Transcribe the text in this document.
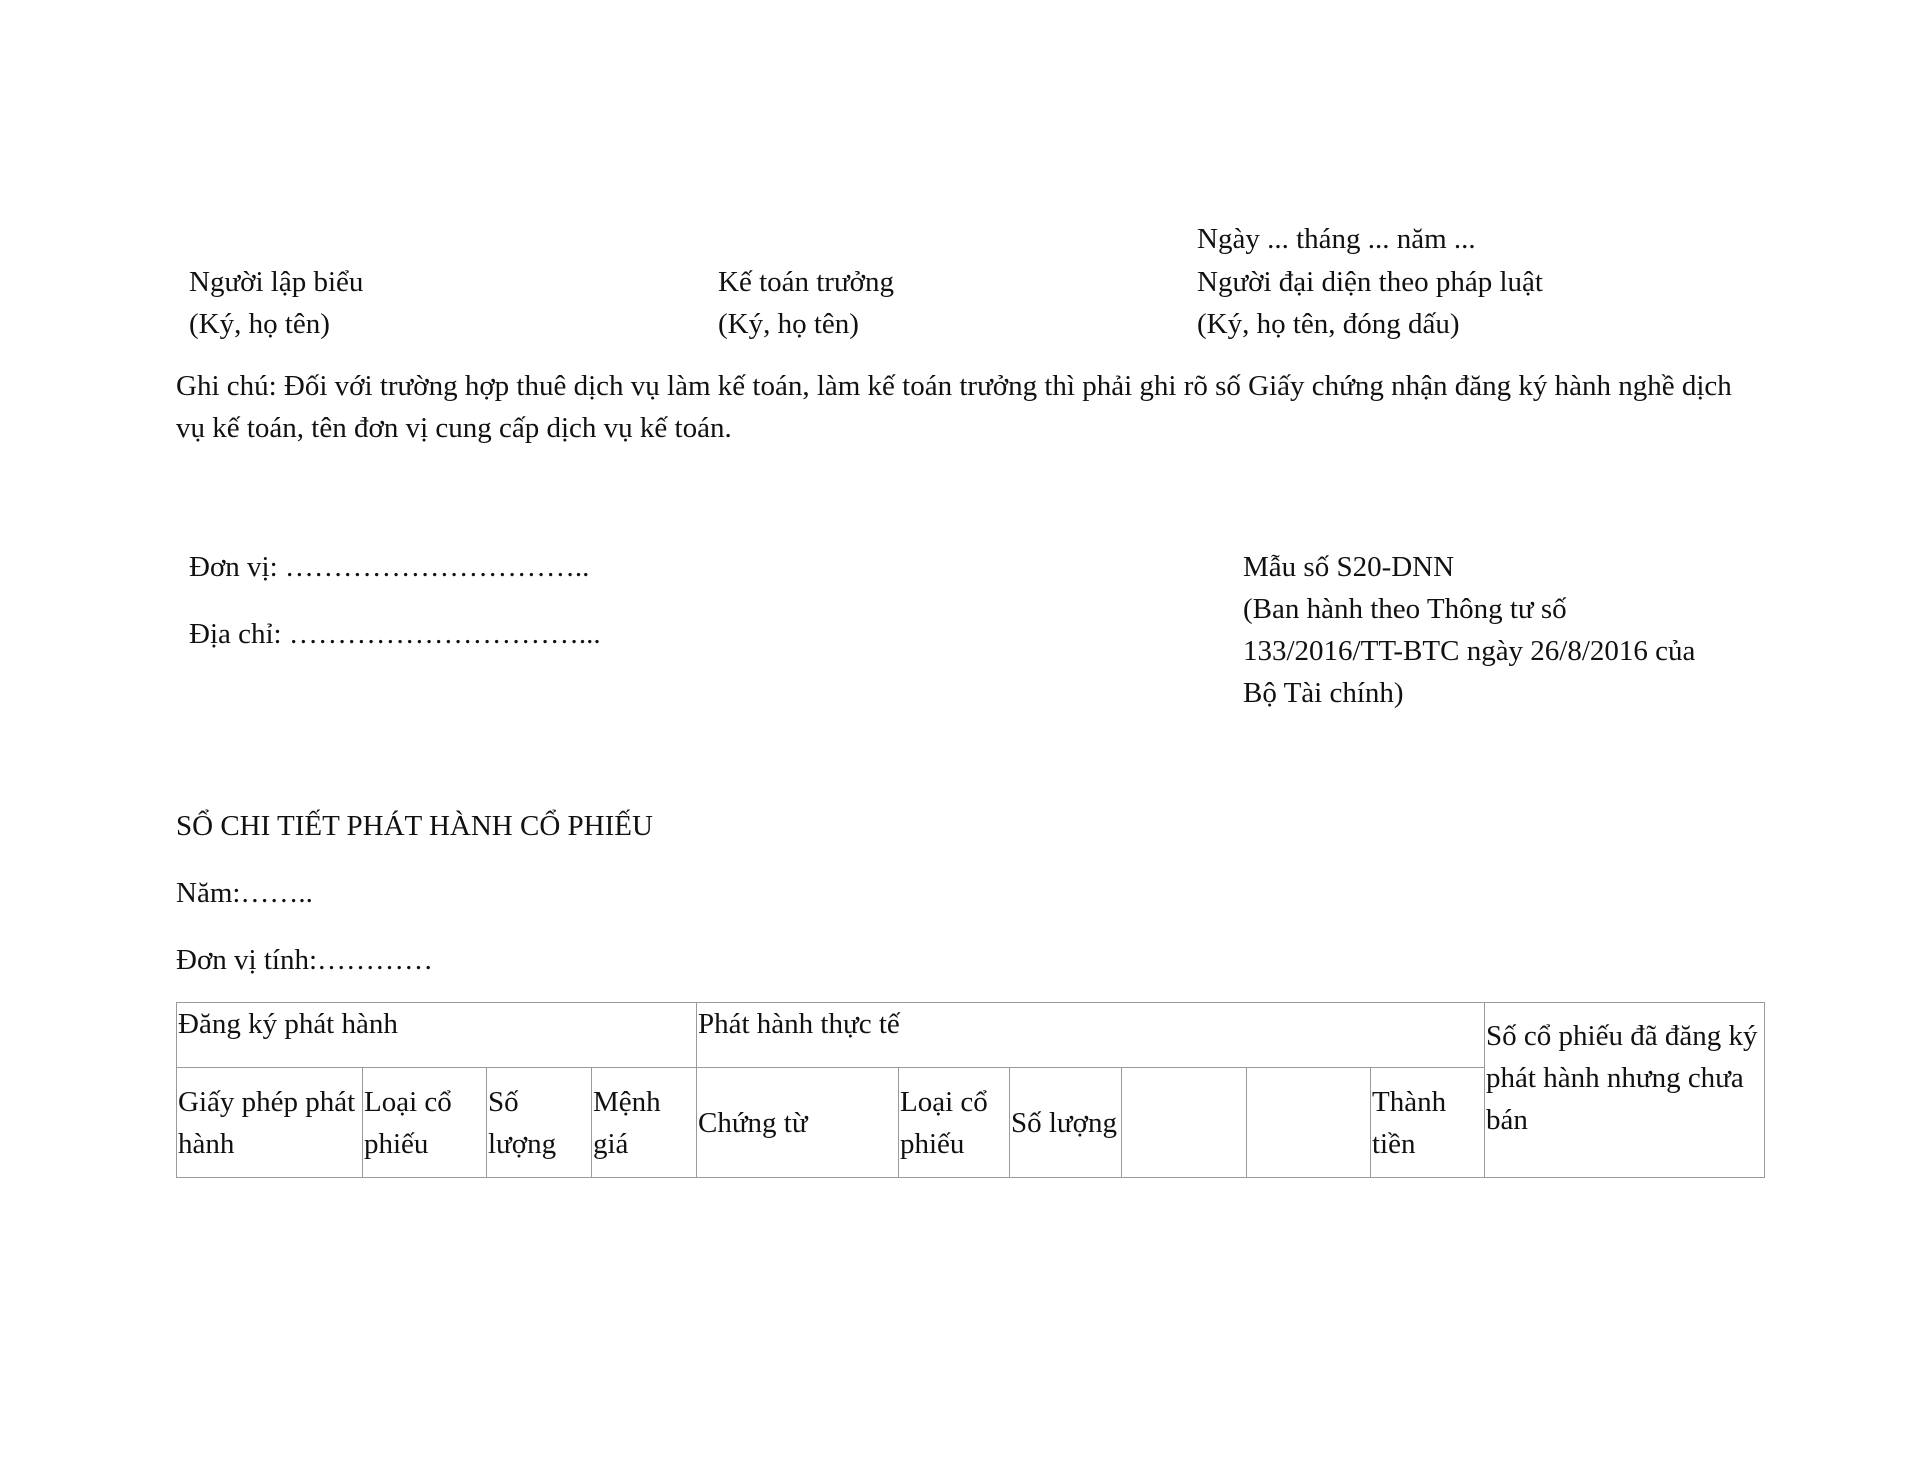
Ngày ... tháng ... năm ...
Người lập biểu
(Ký, họ tên)
Kế toán trưởng
(Ký, họ tên)
Người đại diện theo pháp luật
(Ký, họ tên, đóng dấu)
Ghi chú: Đối với trường hợp thuê dịch vụ làm kế toán, làm kế toán trưởng thì phải ghi rõ số Giấy chứng nhận đăng ký hành nghề dịch vụ kế toán, tên đơn vị cung cấp dịch vụ kế toán.
Đơn vị: …………………………..
Địa chỉ: …………………………...
Mẫu số S20-DNN
(Ban hành theo Thông tư số
133/2016/TT-BTC ngày 26/8/2016 của
Bộ Tài chính)
SỔ CHI TIẾT PHÁT HÀNH CỔ PHIẾU
Năm:……..
Đơn vị tính:…………
Đăng ký phát hành				Phát hành thực tế						Số cổ phiếu đã đăng ký phát hành nhưng chưa bán
Giấy phép phát hành	Loại cổ phiếu	Số lượng	Mệnh giá	Chứng từ	Loại cổ phiếu	Số lượng			Thành tiền	
